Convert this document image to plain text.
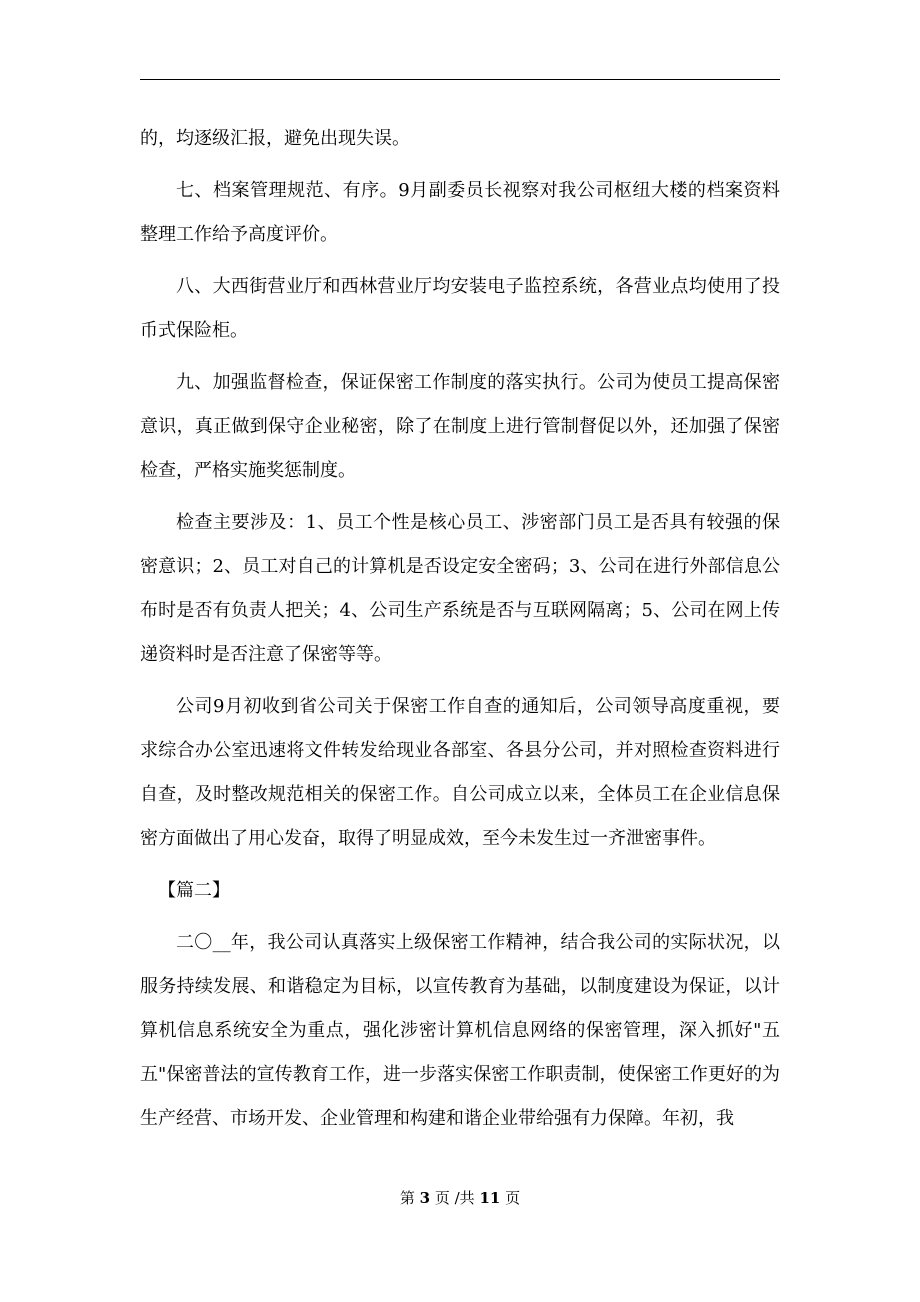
的，均逐级汇报，避免出现失误。

七、档案管理规范、有序。9月副委员长视察对我公司枢纽大楼的档案资料整理工作给予高度评价。

八、大西街营业厅和西林营业厅均安装电子监控系统，各营业点均使用了投币式保险柜。

九、加强监督检查，保证保密工作制度的落实执行。公司为使员工提高保密意识，真正做到保守企业秘密，除了在制度上进行管制督促以外，还加强了保密检查，严格实施奖惩制度。

检查主要涉及：1、员工个性是核心员工、涉密部门员工是否具有较强的保密意识；2、员工对自己的计算机是否设定安全密码；3、公司在进行外部信息公布时是否有负责人把关；4、公司生产系统是否与互联网隔离；5、公司在网上传递资料时是否注意了保密等等。

公司9月初收到省公司关于保密工作自查的通知后，公司领导高度重视，要求综合办公室迅速将文件转发给现业各部室、各县分公司，并对照检查资料进行自查，及时整改规范相关的保密工作。自公司成立以来，全体员工在企业信息保密方面做出了用心发奋，取得了明显成效，至今未发生过一齐泄密事件。

【篇二】

二〇__年，我公司认真落实上级保密工作精神，结合我公司的实际状况，以服务持续发展、和谐稳定为目标，以宣传教育为基础，以制度建设为保证，以计算机信息系统安全为重点，强化涉密计算机信息网络的保密管理，深入抓好"五五"保密普法的宣传教育工作，进一步落实保密工作职责制，使保密工作更好的为生产经营、市场开发、企业管理和构建和谐企业带给强有力保障。年初，我

第 3 页 /共 11 页
